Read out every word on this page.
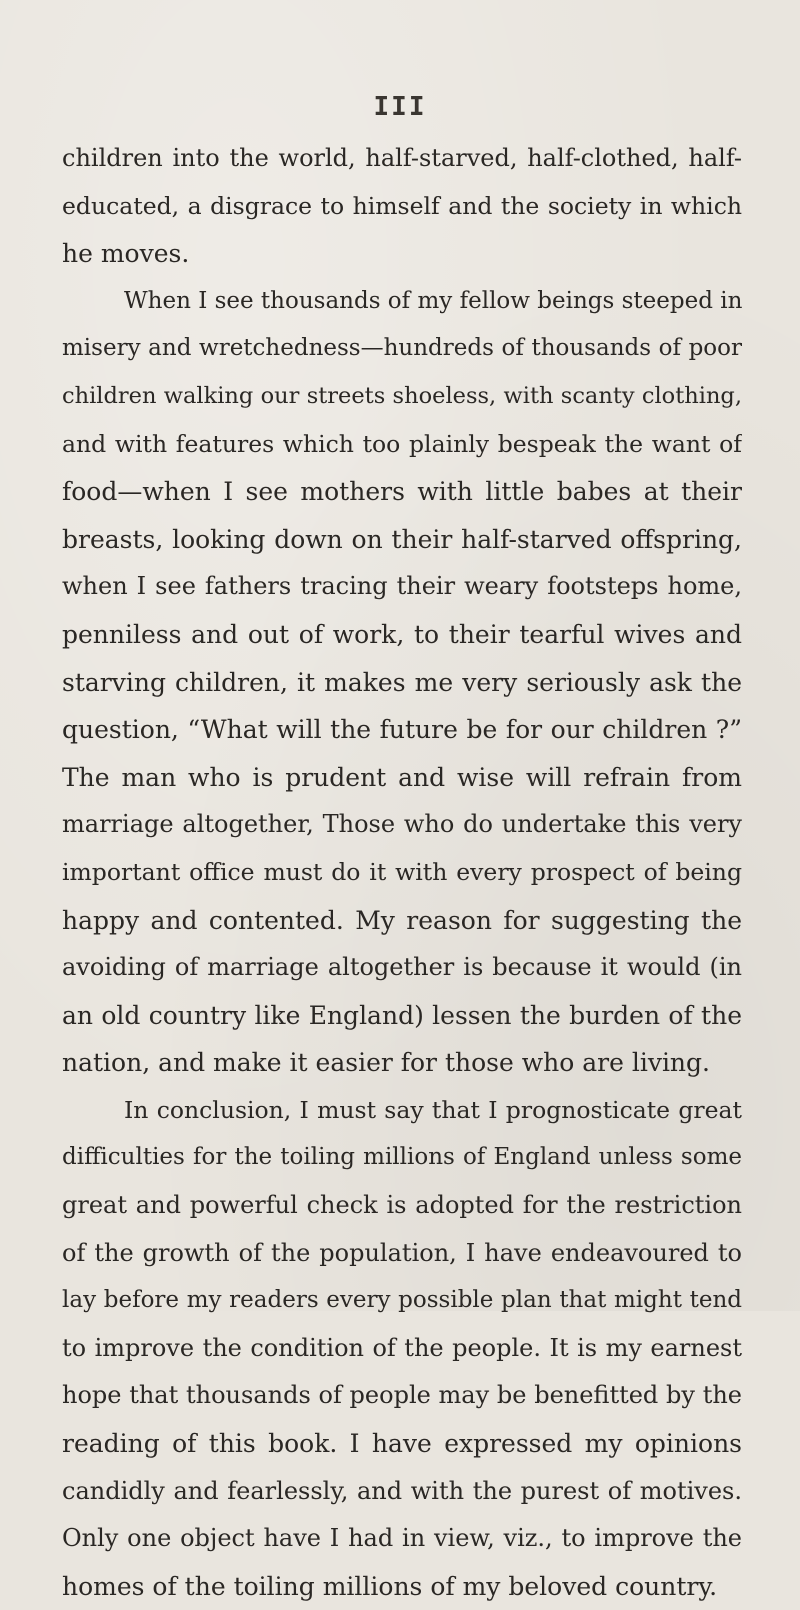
III
children into the world, half-starved, half-clothed, half-
educated, a disgrace to himself and the society in which
he moves.
When I see thousands of my fellow beings steeped in
misery and wretchedness—hundreds of thousands of poor
children walking our streets shoeless, with scanty clothing,
and with features which too plainly bespeak the want of
food—when I see mothers with little babes at their
breasts, looking down on their half-starved offspring,
when I see fathers tracing their weary footsteps home,
penniless and out of work, to their tearful wives and
starving children, it makes me very seriously ask the
question, “What will the future be for our children ?”
The man who is prudent and wise will refrain from
marriage altogether, Those who do undertake this very
important office must do it with every prospect of being
happy and contented. My reason for suggesting the
avoiding of marriage altogether is because it would (in
an old country like England) lessen the burden of the
nation, and make it easier for those who are living.
In conclusion, I must say that I prognosticate great
difficulties for the toiling millions of England unless some
great and powerful check is adopted for the restriction
of the growth of the population, I have endeavoured to
lay before my readers every possible plan that might tend
to improve the condition of the people. It is my earnest
hope that thousands of people may be benefitted by the
reading of this book. I have expressed my opinions
candidly and fearlessly, and with the purest of motives.
Only one object have I had in view, viz., to improve the
homes of the toiling millions of my beloved country.
